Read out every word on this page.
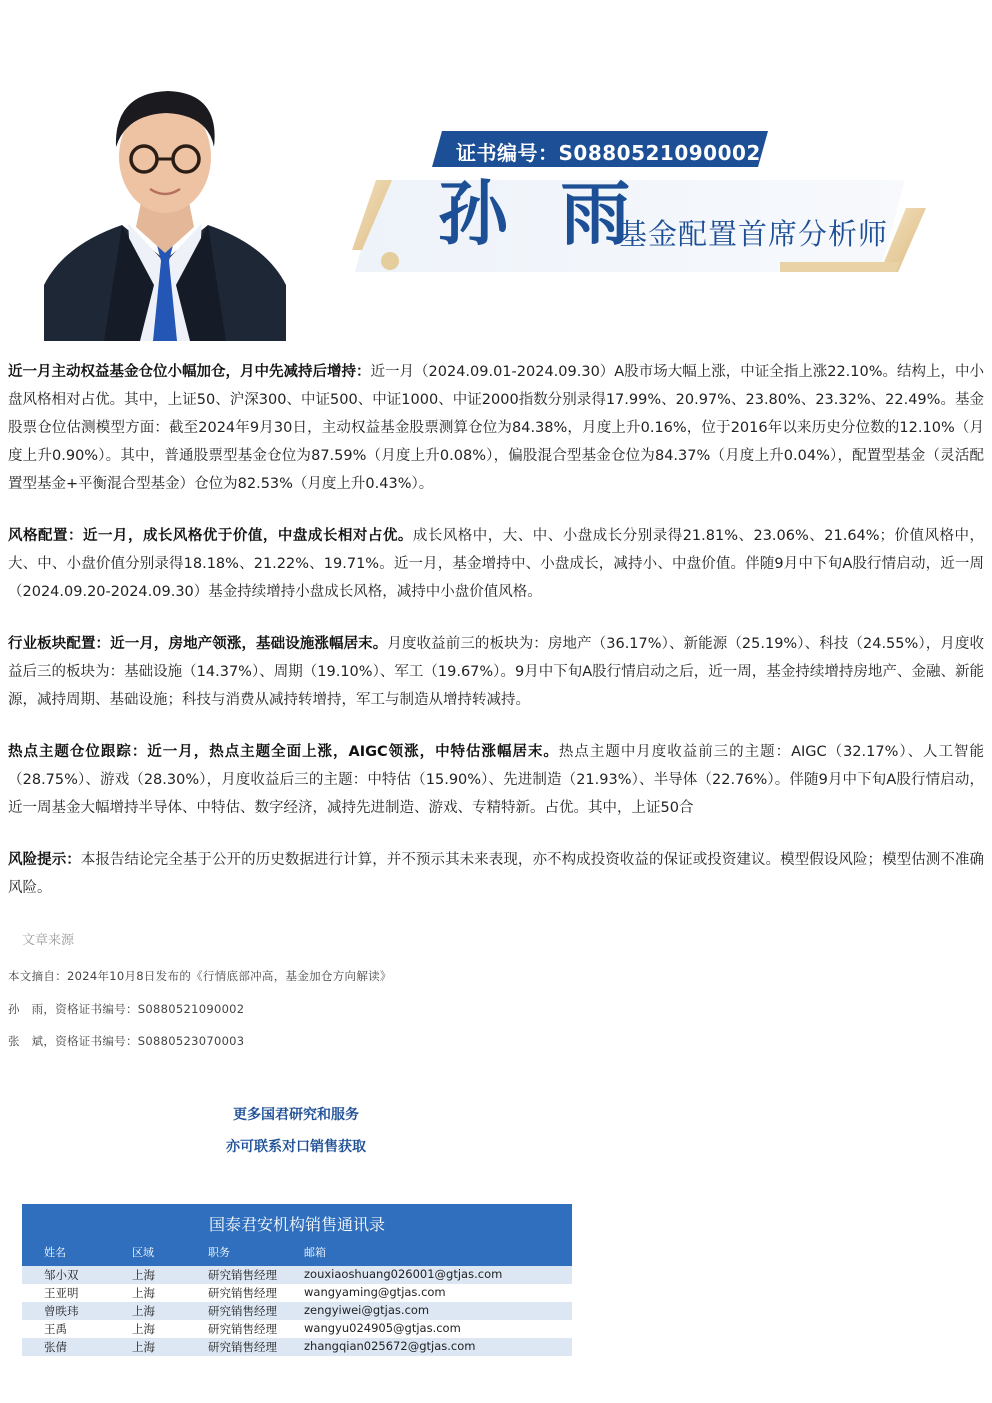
证书编号：S0880521090002
孙 雨
基金配置首席分析师

近一月主动权益基金仓位小幅加仓，月中先减持后增持：近一月（2024.09.01-2024.09.30）A股市场大幅上涨，中证全指上涨22.10%。结构上，中小盘风格相对占优。其中，上证50、沪深300、中证500、中证1000、中证2000指数分别录得17.99%、20.97%、23.80%、23.32%、22.49%。基金股票仓位估测模型方面：截至2024年9月30日，主动权益基金股票测算仓位为84.38%，月度上升0.16%，位于2016年以来历史分位数的12.10%（月度上升0.90%）。其中，普通股票型基金仓位为87.59%（月度上升0.08%），偏股混合型基金仓位为84.37%（月度上升0.04%），配置型基金（灵活配置型基金+平衡混合型基金）仓位为82.53%（月度上升0.43%）。

风格配置：近一月，成长风格优于价值，中盘成长相对占优。成长风格中，大、中、小盘成长分别录得21.81%、23.06%、21.64%；价值风格中，大、中、小盘价值分别录得18.18%、21.22%、19.71%。近一月，基金增持中、小盘成长，减持小、中盘价值。伴随9月中下旬A股行情启动，近一周（2024.09.20-2024.09.30）基金持续增持小盘成长风格，减持中小盘价值风格。

行业板块配置：近一月，房地产领涨，基础设施涨幅居末。月度收益前三的板块为：房地产（36.17%）、新能源（25.19%）、科技（24.55%），月度收益后三的板块为：基础设施（14.37%）、周期（19.10%）、军工（19.67%）。9月中下旬A股行情启动之后，近一周，基金持续增持房地产、金融、新能源，减持周期、基础设施；科技与消费从减持转增持，军工与制造从增持转减持。

热点主题仓位跟踪：近一月，热点主题全面上涨，AIGC领涨，中特估涨幅居末。热点主题中月度收益前三的主题：AIGC（32.17%）、人工智能（28.75%）、游戏（28.30%），月度收益后三的主题：中特估（15.90%）、先进制造（21.93%）、半导体（22.76%）。伴随9月中下旬A股行情启动，近一周基金大幅增持半导体、中特估、数字经济，减持先进制造、游戏、专精特新。占优。其中，上证50合

风险提示：本报告结论完全基于公开的历史数据进行计算，并不预示其未来表现，亦不构成投资收益的保证或投资建议。模型假设风险；模型估测不准确风险。

文章来源
本文摘自：2024年10月8日发布的《行情底部冲高，基金加仓方向解读》
孙　雨，资格证书编号：S0880521090002
张　斌，资格证书编号：S0880523070003
更多国君研究和服务
亦可联系对口销售获取
国泰君安机构销售通讯录
姓名	区域	职务	邮箱
邹小双	上海	研究销售经理	zouxiaoshuang026001@gtjas.com
王亚明	上海	研究销售经理	wangyaming@gtjas.com
曾昳玮	上海	研究销售经理	zengyiwei@gtjas.com
王禹	上海	研究销售经理	wangyu024905@gtjas.com
张倩	上海	研究销售经理	zhangqian025672@gtjas.com
